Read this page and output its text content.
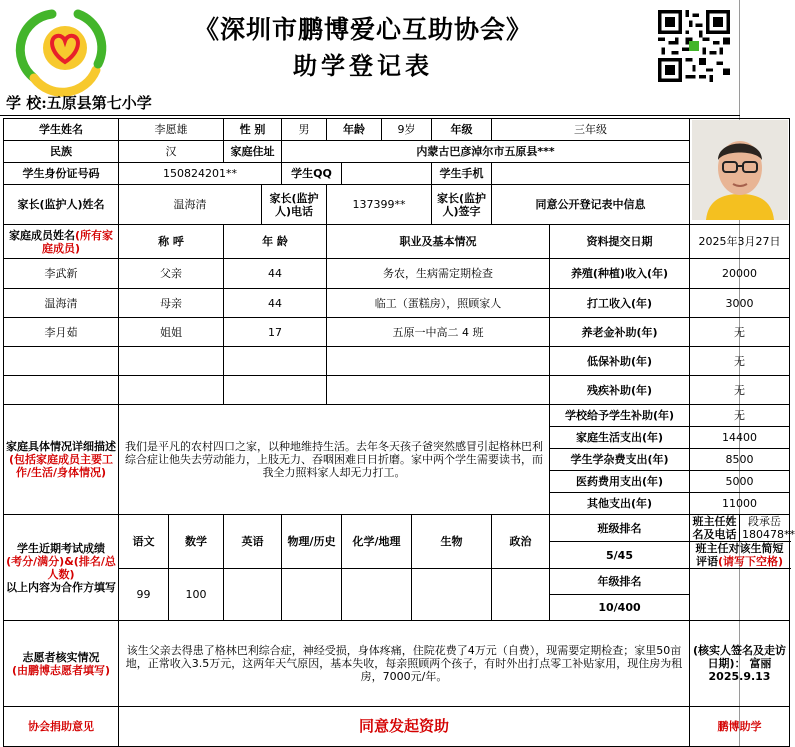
《深圳市鹏博爱心互助协会》
助学登记表
学 校:五原县第七小学
学生姓名	李愿雄		性 别		男	年龄		9岁		年级	三年级	
民族	汉		家庭住址		内蒙古巴彦淖尔市五原县***									
学生身份证号码	150824201**				学生QQ					学生手机				
家长(监护人)姓名	温海清			家长(监护人)电话		137399**				家长(监护人)签字	同意公开登记表中信息			
家庭成员姓名(所有家庭成员)	称 呼		年 龄			职业及基本情况						资料提交日期	2025年3月27日	
李武新	父亲		44			务农，生病需定期检查						养殖(种植)收入(年)	20000	
温海清	母亲		44			临工（蛋糕房），照顾家人						打工收入(年)	3000	
李月茹	姐姐		17			五原一中高二 4 班						养老金补助(年)	无	
												低保补助(年)	无	
												残疾补助(年)	无	
家庭具体情况详细描述(包括家庭成员主要工作/生活/身体情况)	我们是平凡的农村四口之家，以种地维持生活。去年冬天孩子爸突然感冒引起格林巴利综合症让他失去劳动能力，上肢无力、吞咽困难日日折磨。家中两个学生需要读书，而我全力照料家人却无力打工。											学校给予学生补助(年)	无	
												家庭生活支出(年)	14400	
												学生学杂费支出(年)	8500	
												医药费用支出(年)	5000	
												其他支出(年)	11000	
学生近期考试成绩
(考分/满分)&(排名/总人数)
以上内容为合作方填写	语文	数学	英语		物理/历史		化学/地理		生物		政治	班级排名	班主任姓名及电话	段承岳180478**
												5/45	班主任对该生简短评语(请写下空格)	
	99	100										年级排名		
												10/400		
志愿者核实情况
(由鹏博志愿者填写)	该生父亲去得患了格林巴利综合症，神经受损，身体疼痛，住院花费了4万元（自费），现需要定期检查；家里50亩地，正常收入3.5万元，这两年天气原因，基本失收，每亲照顾两个孩子，有时外出打点零工补贴家用，现住房为租房，7000元/年。												(核实人签名及走访日期)： 富丽
2025.9.13	
协会捐助意见	同意发起资助												鹏博助学	
